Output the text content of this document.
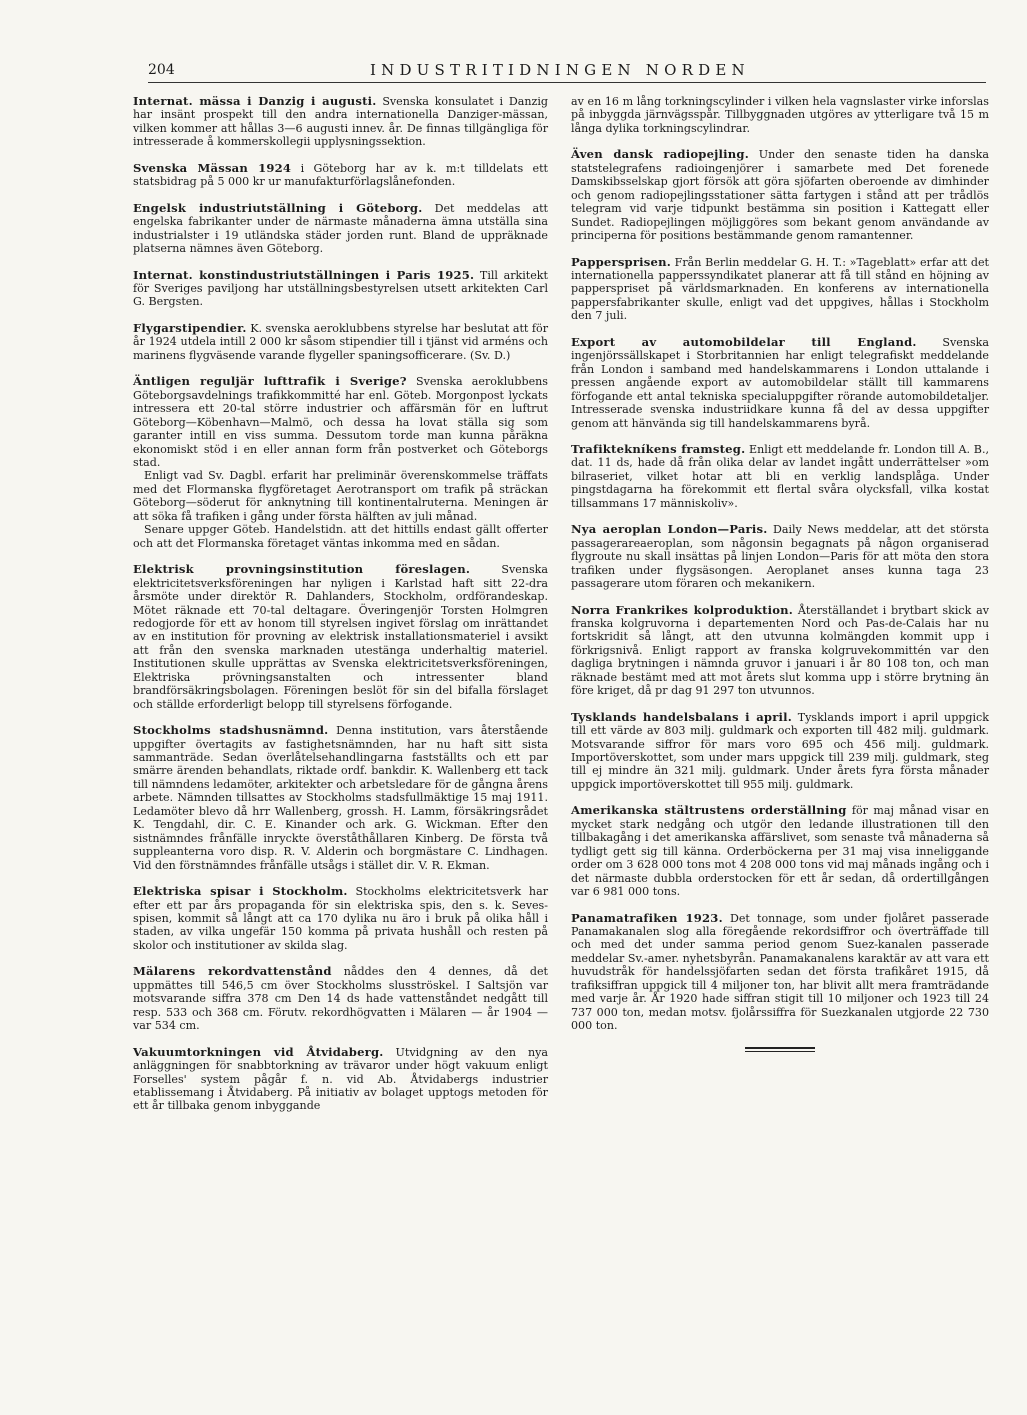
204	INDUSTRITIDNINGEN NORDEN

Internat. mässa i Danzig i augusti. Svenska konsulatet i Danzig har insänt prospekt till den andra internationella Danziger-mässan, vilken kommer att hållas 3—6 augusti innev. år. De finnas tillgängliga för intresserade å kommerskollegii upplysningssektion.

Svenska Mässan 1924 i Göteborg har av k. m:t tilldelats ett statsbidrag på 5 000 kr ur manufakturförlagslånefonden.

Engelsk industriutställning i Göteborg. Det meddelas att engelska fabrikanter under de närmaste månaderna ämna utställa sina industrialster i 19 utländska städer jorden runt. Bland de uppräknade platserna nämnes även Göteborg.

Internat. konstindustriutställningen i Paris 1925. Till arkitekt för Sveriges paviljong har utställningsbestyrelsen utsett arkitekten Carl G. Bergsten.

Flygarstipendier. K. svenska aeroklubbens styrelse har beslutat att för år 1924 utdela intill 2 000 kr såsom stipendier till i tjänst vid arméns och marinens flygväsende varande flygeller spaningsofficerare. (Sv. D.)

Äntligen reguljär lufttrafik i Sverige? Svenska aeroklubbens Göteborgsavdelnings trafikkommitté har enl. Göteb. Morgonpost lyckats intressera ett 20-tal större industrier och affärsmän för en luftrut Göteborg—Köbenhavn—Malmö, och dessa ha lovat ställa sig som garanter intill en viss summa. Dessutom torde man kunna påräkna ekonomiskt stöd i en eller annan form från postverket och Göteborgs stad.

Enligt vad Sv. Dagbl. erfarit har preliminär överenskommelse träffats med det Flormanska flygföretaget Aerotransport om trafik på sträckan Göteborg—söderut för anknytning till kontinentalruterna. Meningen är att söka få trafiken i gång under första hälften av juli månad.

Senare uppger Göteb. Handelstidn. att det hittills endast gällt offerter och att det Flormanska företaget väntas inkomma med en sådan.

Elektrisk provningsinstitution föreslagen. Svenska elektricitetsverksföreningen har nyligen i Karlstad haft sitt 22-dra årsmöte under direktör R. Dahlanders, Stockholm, ordförandeskap. Mötet räknade ett 70-tal deltagare. Överingenjör Torsten Holmgren redogjorde för ett av honom till styrelsen ingivet förslag om inrättandet av en institution för provning av elektrisk installationsmateriel i avsikt att från den svenska marknaden utestänga underhaltig materiel. Institutionen skulle upprättas av Svenska elektricitetsverksföreningen, Elektriska prövningsanstalten och intressenter bland brandförsäkringsbolagen. Föreningen beslöt för sin del bifalla förslaget och ställde erforderligt belopp till styrelsens förfogande.

Stockholms stadshusnämnd. Denna institution, vars återstående uppgifter övertagits av fastighetsnämnden, har nu haft sitt sista sammanträde. Sedan överlåtelsehandlingarna fastställts och ett par smärre ärenden behandlats, riktade ordf. bankdir. K. Wallenberg ett tack till nämndens ledamöter, arkitekter och arbetsledare för de gångna årens arbete. Nämnden tillsattes av Stockholms stadsfullmäktige 15 maj 1911. Ledamöter blevo då hrr Wallenberg, grossh. H. Lamm, försäkringsrådet K. Tengdahl, dir. C. E. Kinander och ark. G. Wickman. Efter den sistnämndes frånfälle inryckte överståthållaren Kinberg. De första två suppleanterna voro disp. R. V. Alderin och borgmästare C. Lindhagen. Vid den förstnämndes frånfälle utsågs i stället dir. V. R. Ekman.

Elektriska spisar i Stockholm. Stockholms elektricitetsverk har efter ett par års propaganda för sin elektriska spis, den s. k. Seves-spisen, kommit så långt att ca 170 dylika nu äro i bruk på olika håll i staden, av vilka ungefär 150 komma på privata hushåll och resten på skolor och institutioner av skilda slag.

Mälarens rekordvattenstånd nåddes den 4 dennes, då det uppmättes till 546,5 cm över Stockholms slusströskel. I Saltsjön var motsvarande siffra 378 cm Den 14 ds hade vattenståndet nedgått till resp. 533 och 368 cm. Förutv. rekordhögvatten i Mälaren — år 1904 — var 534 cm.

Vakuumtorkningen vid Åtvidaberg. Utvidgning av den nya anläggningen för snabbtorkning av trävaror under högt vakuum enligt Forselles' system pågår f. n. vid Ab. Åtvidabergs industrier etablissemang i Åtvidaberg. På initiativ av bolaget upptogs metoden för ett år tillbaka genom inbyggande

av en 16 m lång torkningscylinder i vilken hela vagnslaster virke inforslas på inbyggda järnvägsspår. Tillbyggnaden utgöres av ytterligare två 15 m långa dylika torkningscylindrar.

Även dansk radiopejling. Under den senaste tiden ha danska statstelegrafens radioingenjörer i samarbete med Det forenede Damskibsselskap gjort försök att göra sjöfarten oberoende av dimhinder och genom radiopejlingsstationer sätta fartygen i stånd att per trådlös telegram vid varje tidpunkt bestämma sin position i Kattegatt eller Sundet. Radiopejlingen möjliggöres som bekant genom användande av principerna för positions bestämmande genom ramantenner.

Pappersprisen. Från Berlin meddelar G. H. T.: »Tageblatt» erfar att det internationella papperssyndikatet planerar att få till stånd en höjning av papperspriset på världsmarknaden. En konferens av internationella pappersfabrikanter skulle, enligt vad det uppgives, hållas i Stockholm den 7 juli.

Export av automobildelar till England. Svenska ingenjörssällskapet i Storbritannien har enligt telegrafiskt meddelande från London i samband med handelskammarens i London uttalande i pressen angående export av automobildelar ställt till kammarens förfogande ett antal tekniska specialuppgifter rörande automobildetaljer. Intresserade svenska industriidkare kunna få del av dessa uppgifter genom att hänvända sig till handelskammarens byrå.

Trafiktekníkens framsteg. Enligt ett meddelande fr. London till A. B., dat. 11 ds, hade då från olika delar av landet ingått underrättelser »om bilraseriet, vilket hotar att bli en verklig landsplåga. Under pingstdagarna ha förekommit ett flertal svåra olycksfall, vilka kostat tillsammans 17 människoliv».

Nya aeroplan London—Paris. Daily News meddelar, att det största passagerareaeroplan, som någonsin begagnats på någon organiserad flygroute nu skall insättas på linjen London—Paris för att möta den stora trafiken under flygsäsongen. Aeroplanet anses kunna taga 23 passagerare utom föraren och mekanikern.

Norra Frankrikes kolproduktion. Återställandet i brytbart skick av franska kolgruvorna i departementen Nord och Pas-de-Calais har nu fortskridit så långt, att den utvunna kolmängden kommit upp i förkrigsnivå. Enligt rapport av franska kolgruvekommittén var den dagliga brytningen i nämnda gruvor i januari i år 80 108 ton, och man räknade bestämt med att mot årets slut komma upp i större brytning än före kriget, då pr dag 91 297 ton utvunnos.

Tysklands handelsbalans i april. Tysklands import i april uppgick till ett värde av 803 milj. guldmark och exporten till 482 milj. guldmark. Motsvarande siffror för mars voro 695 och 456 milj. guldmark. Importöverskottet, som under mars uppgick till 239 milj. guldmark, steg till ej mindre än 321 milj. guldmark. Under årets fyra första månader uppgick importöverskottet till 955 milj. guldmark.

Amerikanska stältrustens orderställning för maj månad visar en mycket stark nedgång och utgör den ledande illustrationen till den tillbakagång i det amerikanska affärslivet, som senaste två månaderna så tydligt gett sig till känna. Orderböckerna per 31 maj visa inneliggande order om 3 628 000 tons mot 4 208 000 tons vid maj månads ingång och i det närmaste dubbla orderstocken för ett år sedan, då ordertillgången var 6 981 000 tons.

Panamatrafiken 1923. Det tonnage, som under fjolåret passerade Panamakanalen slog alla föregående rekordsiffror och överträffade till och med det under samma period genom Suez-kanalen passerade meddelar Sv.-amer. nyhetsbyrån. Panamakanalens karaktär av att vara ett huvudstråk för handelssjöfarten sedan det första trafikåret 1915, då trafiksiffran uppgick till 4 miljoner ton, har blivit allt mera framträdande med varje år. År 1920 hade siffran stigit till 10 miljoner och 1923 till 24 737 000 ton, medan motsv. fjolårssiffra för Suezkanalen utgjorde 22 730 000 ton.
